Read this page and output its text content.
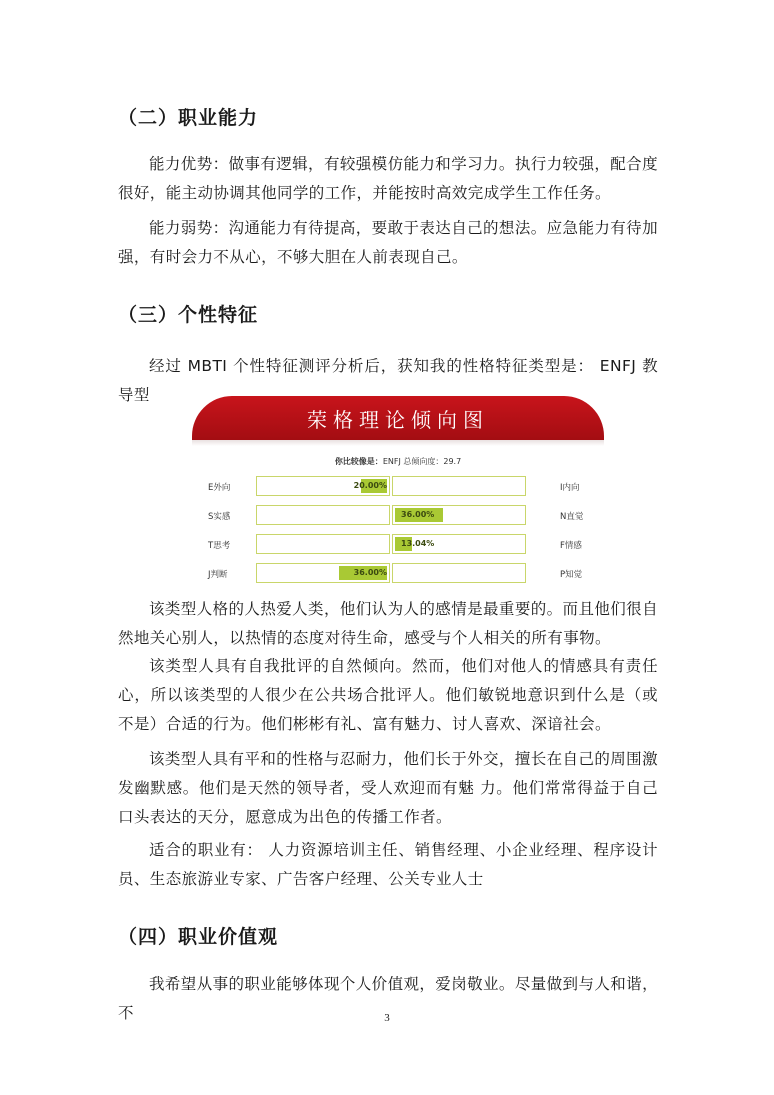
（二）职业能力
能力优势：做事有逻辑，有较强模仿能力和学习力。执行力较强，配合度很好，能主动协调其他同学的工作，并能按时高效完成学生工作任务。
能力弱势：沟通能力有待提高，要敢于表达自己的想法。应急能力有待加强，有时会力不从心，不够大胆在人前表现自己。
（三）个性特征
经过 MBTI 个性特征测评分析后，获知我的性格特征类型是： ENFJ 教导型
荣格理论倾向图
你比较像是：ENFJ 总倾向度：29.7
E外向	20.00%	I内向
S实感	36.00%	N直觉
T思考	13.04%	F情感
J判断	36.00%	P知觉
该类型人格的人热爱人类，他们认为人的感情是最重要的。而且他们很自然地关心别人，以热情的态度对待生命，感受与个人相关的所有事物。
该类型人具有自我批评的自然倾向。然而，他们对他人的情感具有责任心，所以该类型的人很少在公共场合批评人。他们敏锐地意识到什么是（或不是）合适的行为。他们彬彬有礼、富有魅力、讨人喜欢、深谙社会。
该类型人具有平和的性格与忍耐力，他们长于外交，擅长在自己的周围激发幽默感。他们是天然的领导者，受人欢迎而有魅 力。他们常常得益于自己口头表达的天分，愿意成为出色的传播工作者。
适合的职业有： 人力资源培训主任、销售经理、小企业经理、程序设计员、生态旅游业专家、广告客户经理、公关专业人士
（四）职业价值观
我希望从事的职业能够体现个人价值观，爱岗敬业。尽量做到与人和谐，不	3
